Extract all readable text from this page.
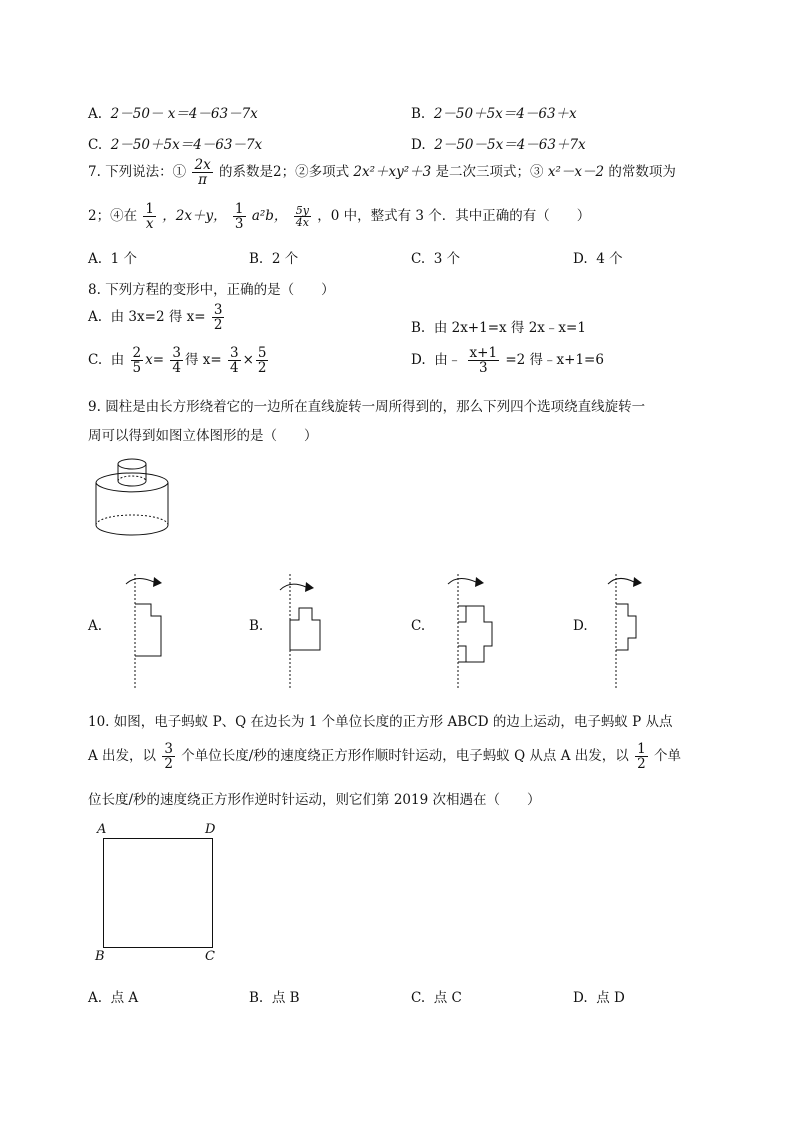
A. 2－50－ x＝4－63－7x	B. 2－50＋5x＝4－63＋x
C. 2－50＋5x＝4－63－7x	D. 2－50－5x＝4－63＋7x
7. 下列说法：① $\frac{2x}{\pi}$ 的系数是2；②多项式 2x²＋xy²＋3 是二次三项式；③ x²－x－2 的常数项为
2；④在 $\frac{1}{x}$ ，2x＋y， $\frac{1}{3} a^2b$， $\frac{5y}{4x}$ ，0 中，整式有 3 个．其中正确的有（　　）
A. 1 个	B. 2 个	C. 3 个	D. 4 个
8. 下列方程的变形中，正确的是（　　）
A. 由 3x=2 得 $x= \frac{3}{2}$	B. 由 2x+1=x 得 2x﹣x=1
C. 由 $\frac{2}{5} x= \frac{3}{4}$ 得 $x= \frac{3}{4} \times \frac{5}{2}$	D. 由﹣ $\frac{x+1}{3} =2$ 得﹣x+1=6
9. 圆柱是由长方形绕着它的一边所在直线旋转一周所得到的，那么下列四个选项绕直线旋转一
周可以得到如图立体图形的是（　　）
A.	B.	C.	D.
10. 如图，电子蚂蚁 P、Q 在边长为 1 个单位长度的正方形 ABCD 的边上运动，电子蚂蚁 P 从点
A 出发，以 $\frac{3}{2}$ 个单位长度/秒的速度绕正方形作顺时针运动，电子蚂蚁 Q 从点 A 出发，以 $\frac{1}{2}$ 个单
位长度/秒的速度绕正方形作逆时针运动，则它们第 2019 次相遇在（　　）
A	D
B	C
A. 点 A	B. 点 B	C. 点 C	D. 点 D
